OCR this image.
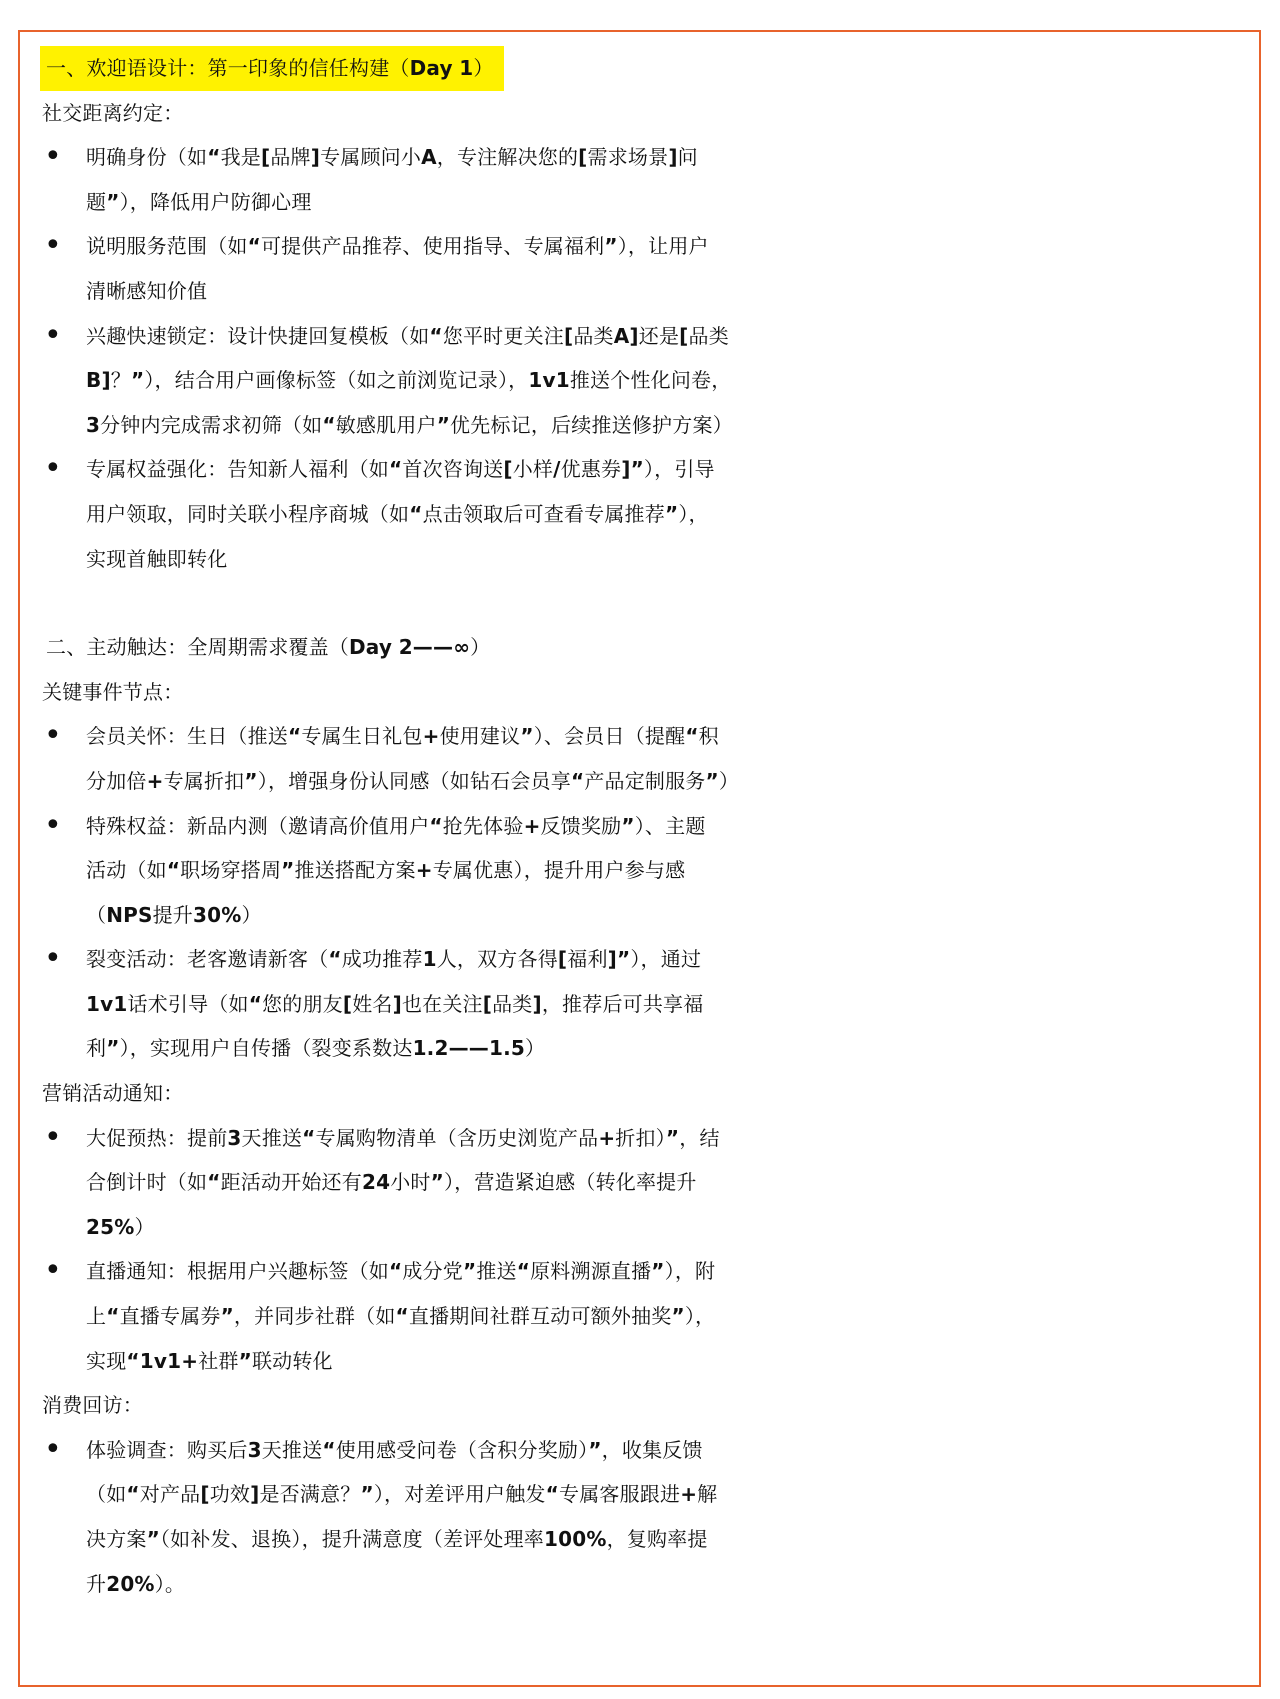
一、欢迎语设计：第一印象的信任构建（Day 1）
社交距离约定：
• 明确身份（如“我是[品牌]专属顾问小A，专注解决您的[需求场景]问
题”），降低用户防御心理
• 说明服务范围（如“可提供产品推荐、使用指导、专属福利”），让用户
清晰感知价值
• 兴趣快速锁定：设计快捷回复模板（如“您平时更关注[品类A]还是[品类
B]？”），结合用户画像标签（如之前浏览记录），1v1推送个性化问卷，
3分钟内完成需求初筛（如“敏感肌用户”优先标记，后续推送修护方案）
• 专属权益强化：告知新人福利（如“首次咨询送[小样/优惠券]”），引导
用户领取，同时关联小程序商城（如“点击领取后可查看专属推荐”），
实现首触即转化
二、主动触达：全周期需求覆盖（Day 2——∞）
关键事件节点：
• 会员关怀：生日（推送“专属生日礼包+使用建议”）、会员日（提醒“积
分加倍+专属折扣”），增强身份认同感（如钻石会员享“产品定制服务”）
• 特殊权益：新品内测（邀请高价值用户“抢先体验+反馈奖励”）、主题
活动（如“职场穿搭周”推送搭配方案+专属优惠），提升用户参与感
（NPS提升30%）
• 裂变活动：老客邀请新客（“成功推荐1人，双方各得[福利]”），通过
1v1话术引导（如“您的朋友[姓名]也在关注[品类]，推荐后可共享福
利”），实现用户自传播（裂变系数达1.2——1.5）
营销活动通知：
• 大促预热：提前3天推送“专属购物清单（含历史浏览产品+折扣）”，结
合倒计时（如“距活动开始还有24小时”），营造紧迫感（转化率提升
25%）
• 直播通知：根据用户兴趣标签（如“成分党”推送“原料溯源直播”），附
上“直播专属券”，并同步社群（如“直播期间社群互动可额外抽奖”），
实现“1v1+社群”联动转化
消费回访：
• 体验调查：购买后3天推送“使用感受问卷（含积分奖励）”，收集反馈
（如“对产品[功效]是否满意？”），对差评用户触发“专属客服跟进+解
决方案”（如补发、退换），提升满意度（差评处理率100%，复购率提
升20%）。
